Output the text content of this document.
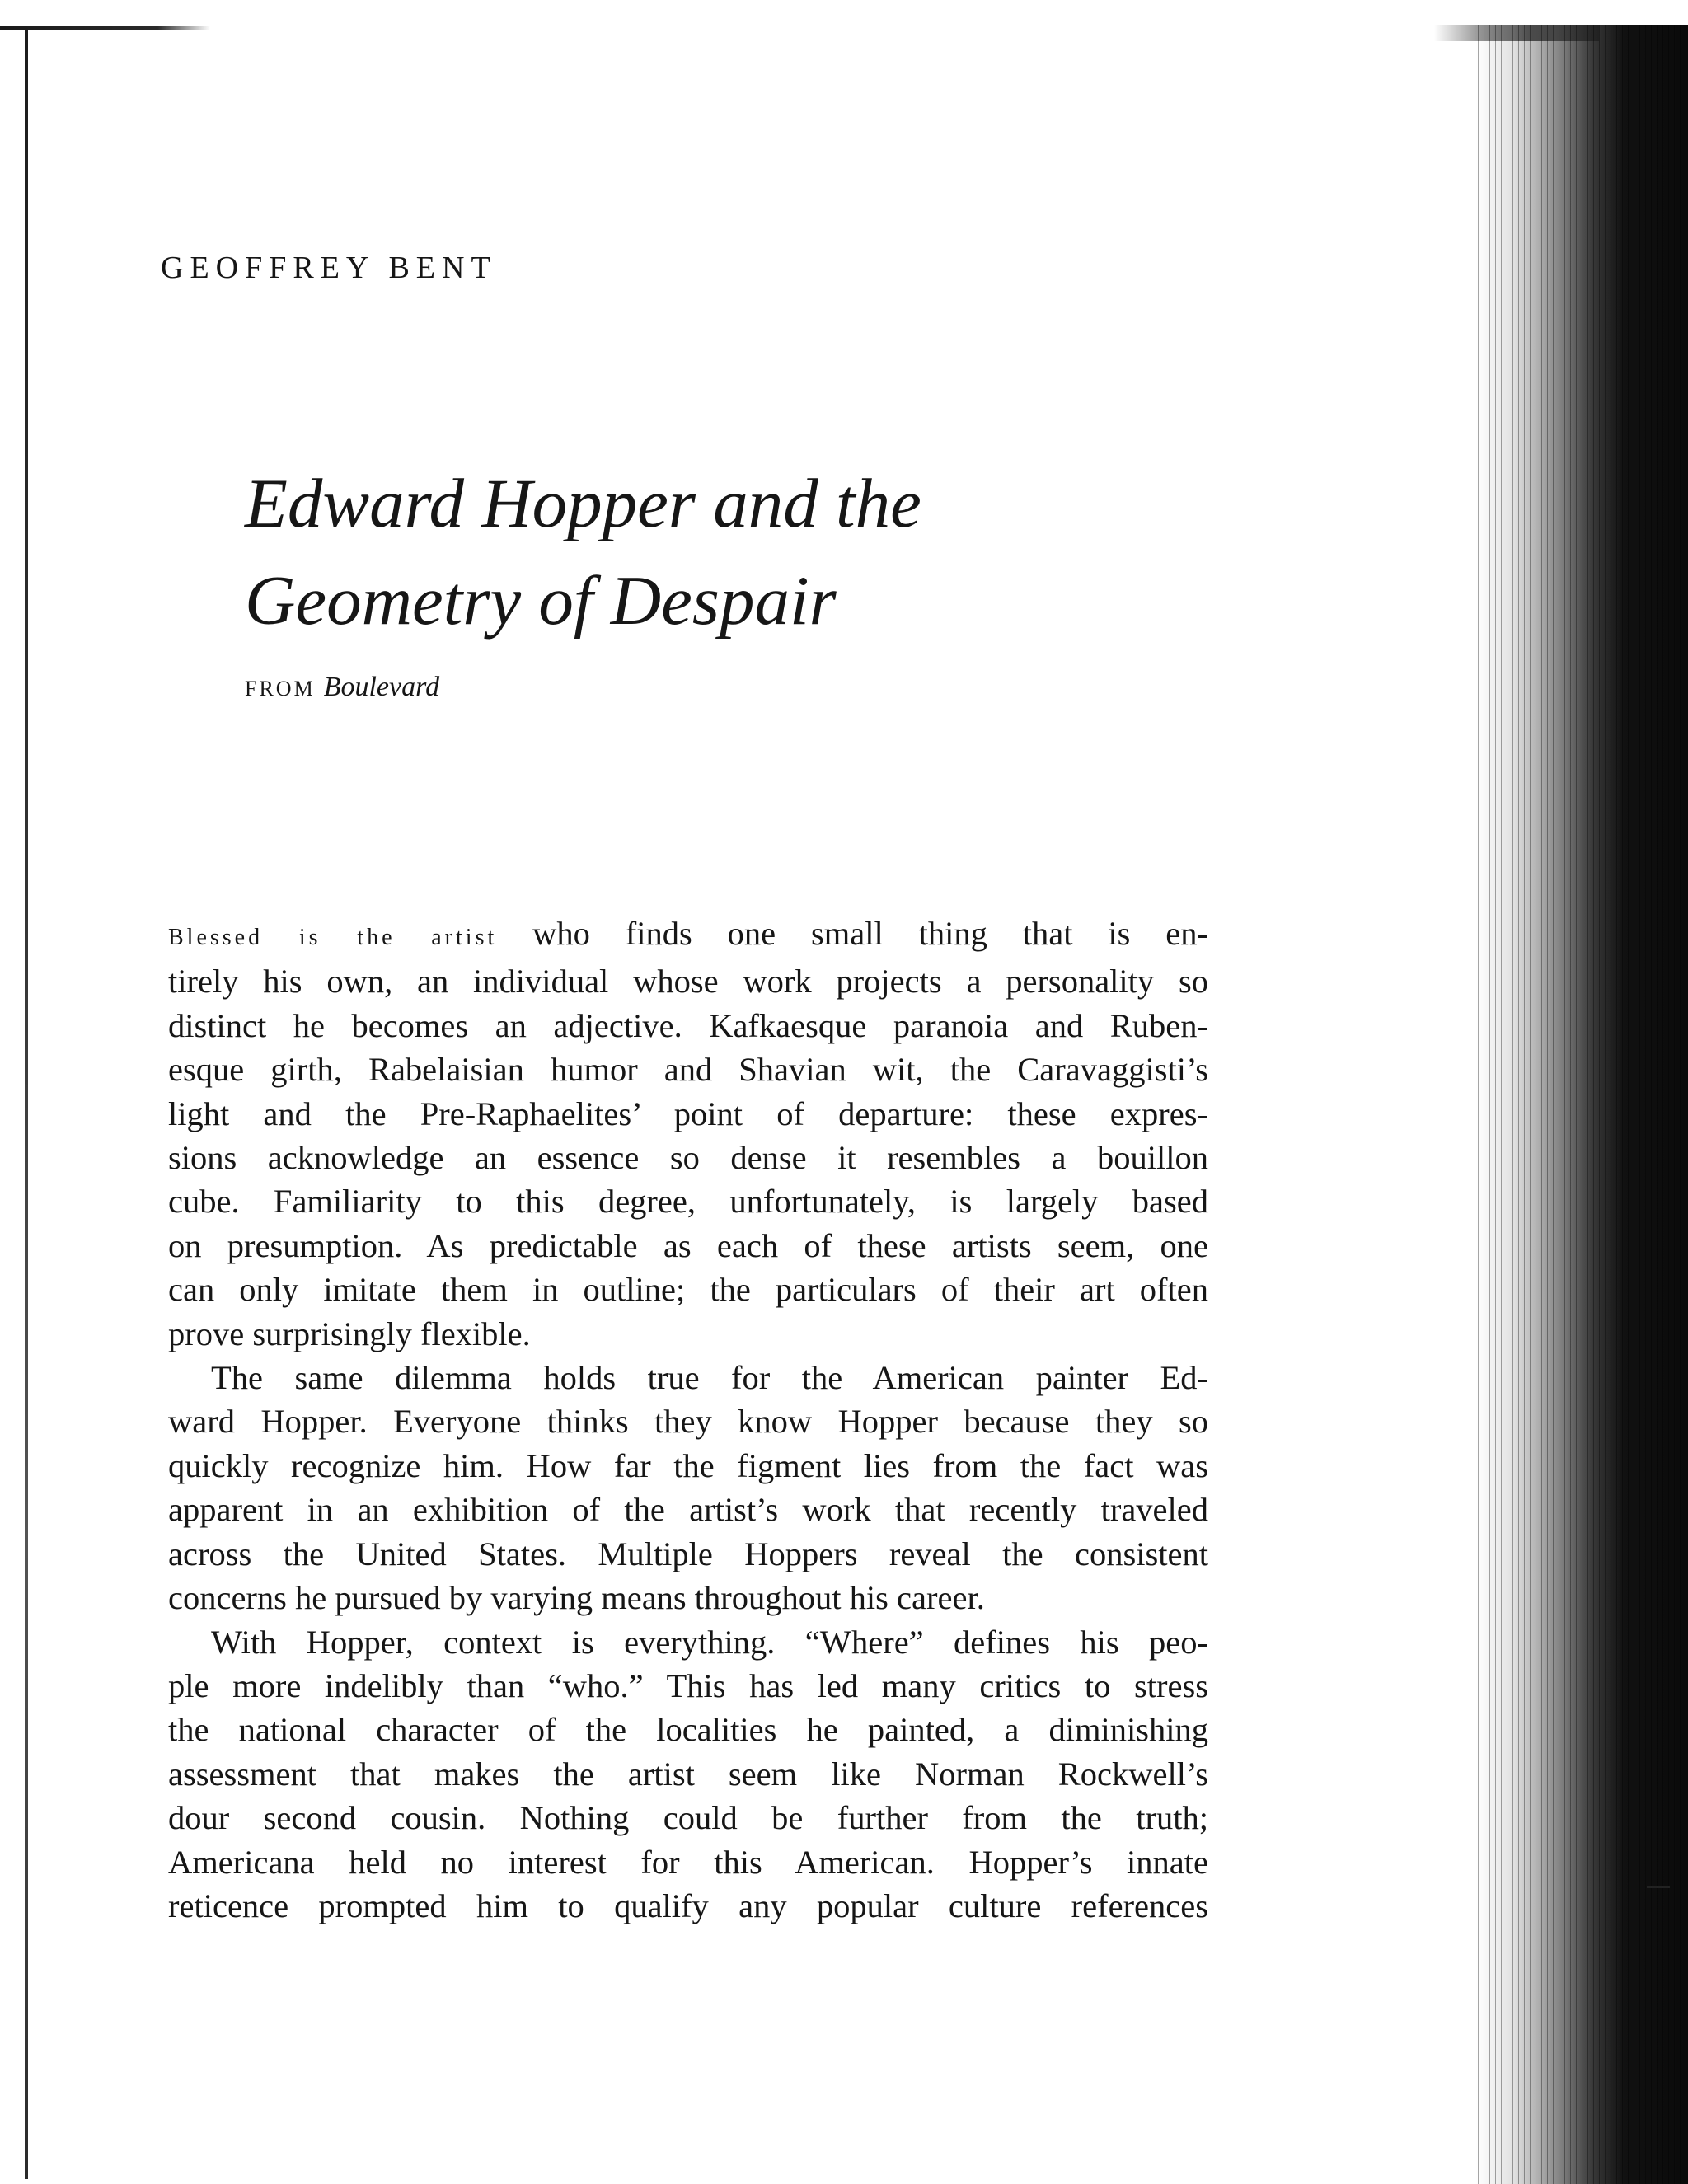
GEOFFREY BENT
Edward Hopper and the
Geometry of Despair
FROM Boulevard
Blessed is the artist who finds one small thing that is en-
tirely his own, an individual whose work projects a personality so
distinct he becomes an adjective. Kafkaesque paranoia and Ruben-
esque girth, Rabelaisian humor and Shavian wit, the Caravaggisti’s
light and the Pre-Raphaelites’ point of departure: these expres-
sions acknowledge an essence so dense it resembles a bouillon
cube. Familiarity to this degree, unfortunately, is largely based
on presumption. As predictable as each of these artists seem, one
can only imitate them in outline; the particulars of their art often
prove surprisingly flexible.
The same dilemma holds true for the American painter Ed-
ward Hopper. Everyone thinks they know Hopper because they so
quickly recognize him. How far the figment lies from the fact was
apparent in an exhibition of the artist’s work that recently traveled
across the United States. Multiple Hoppers reveal the consistent
concerns he pursued by varying means throughout his career.
With Hopper, context is everything. “Where” defines his peo-
ple more indelibly than “who.” This has led many critics to stress
the national character of the localities he painted, a diminishing
assessment that makes the artist seem like Norman Rockwell’s
dour second cousin. Nothing could be further from the truth;
Americana held no interest for this American. Hopper’s innate
reticence prompted him to qualify any popular culture references
